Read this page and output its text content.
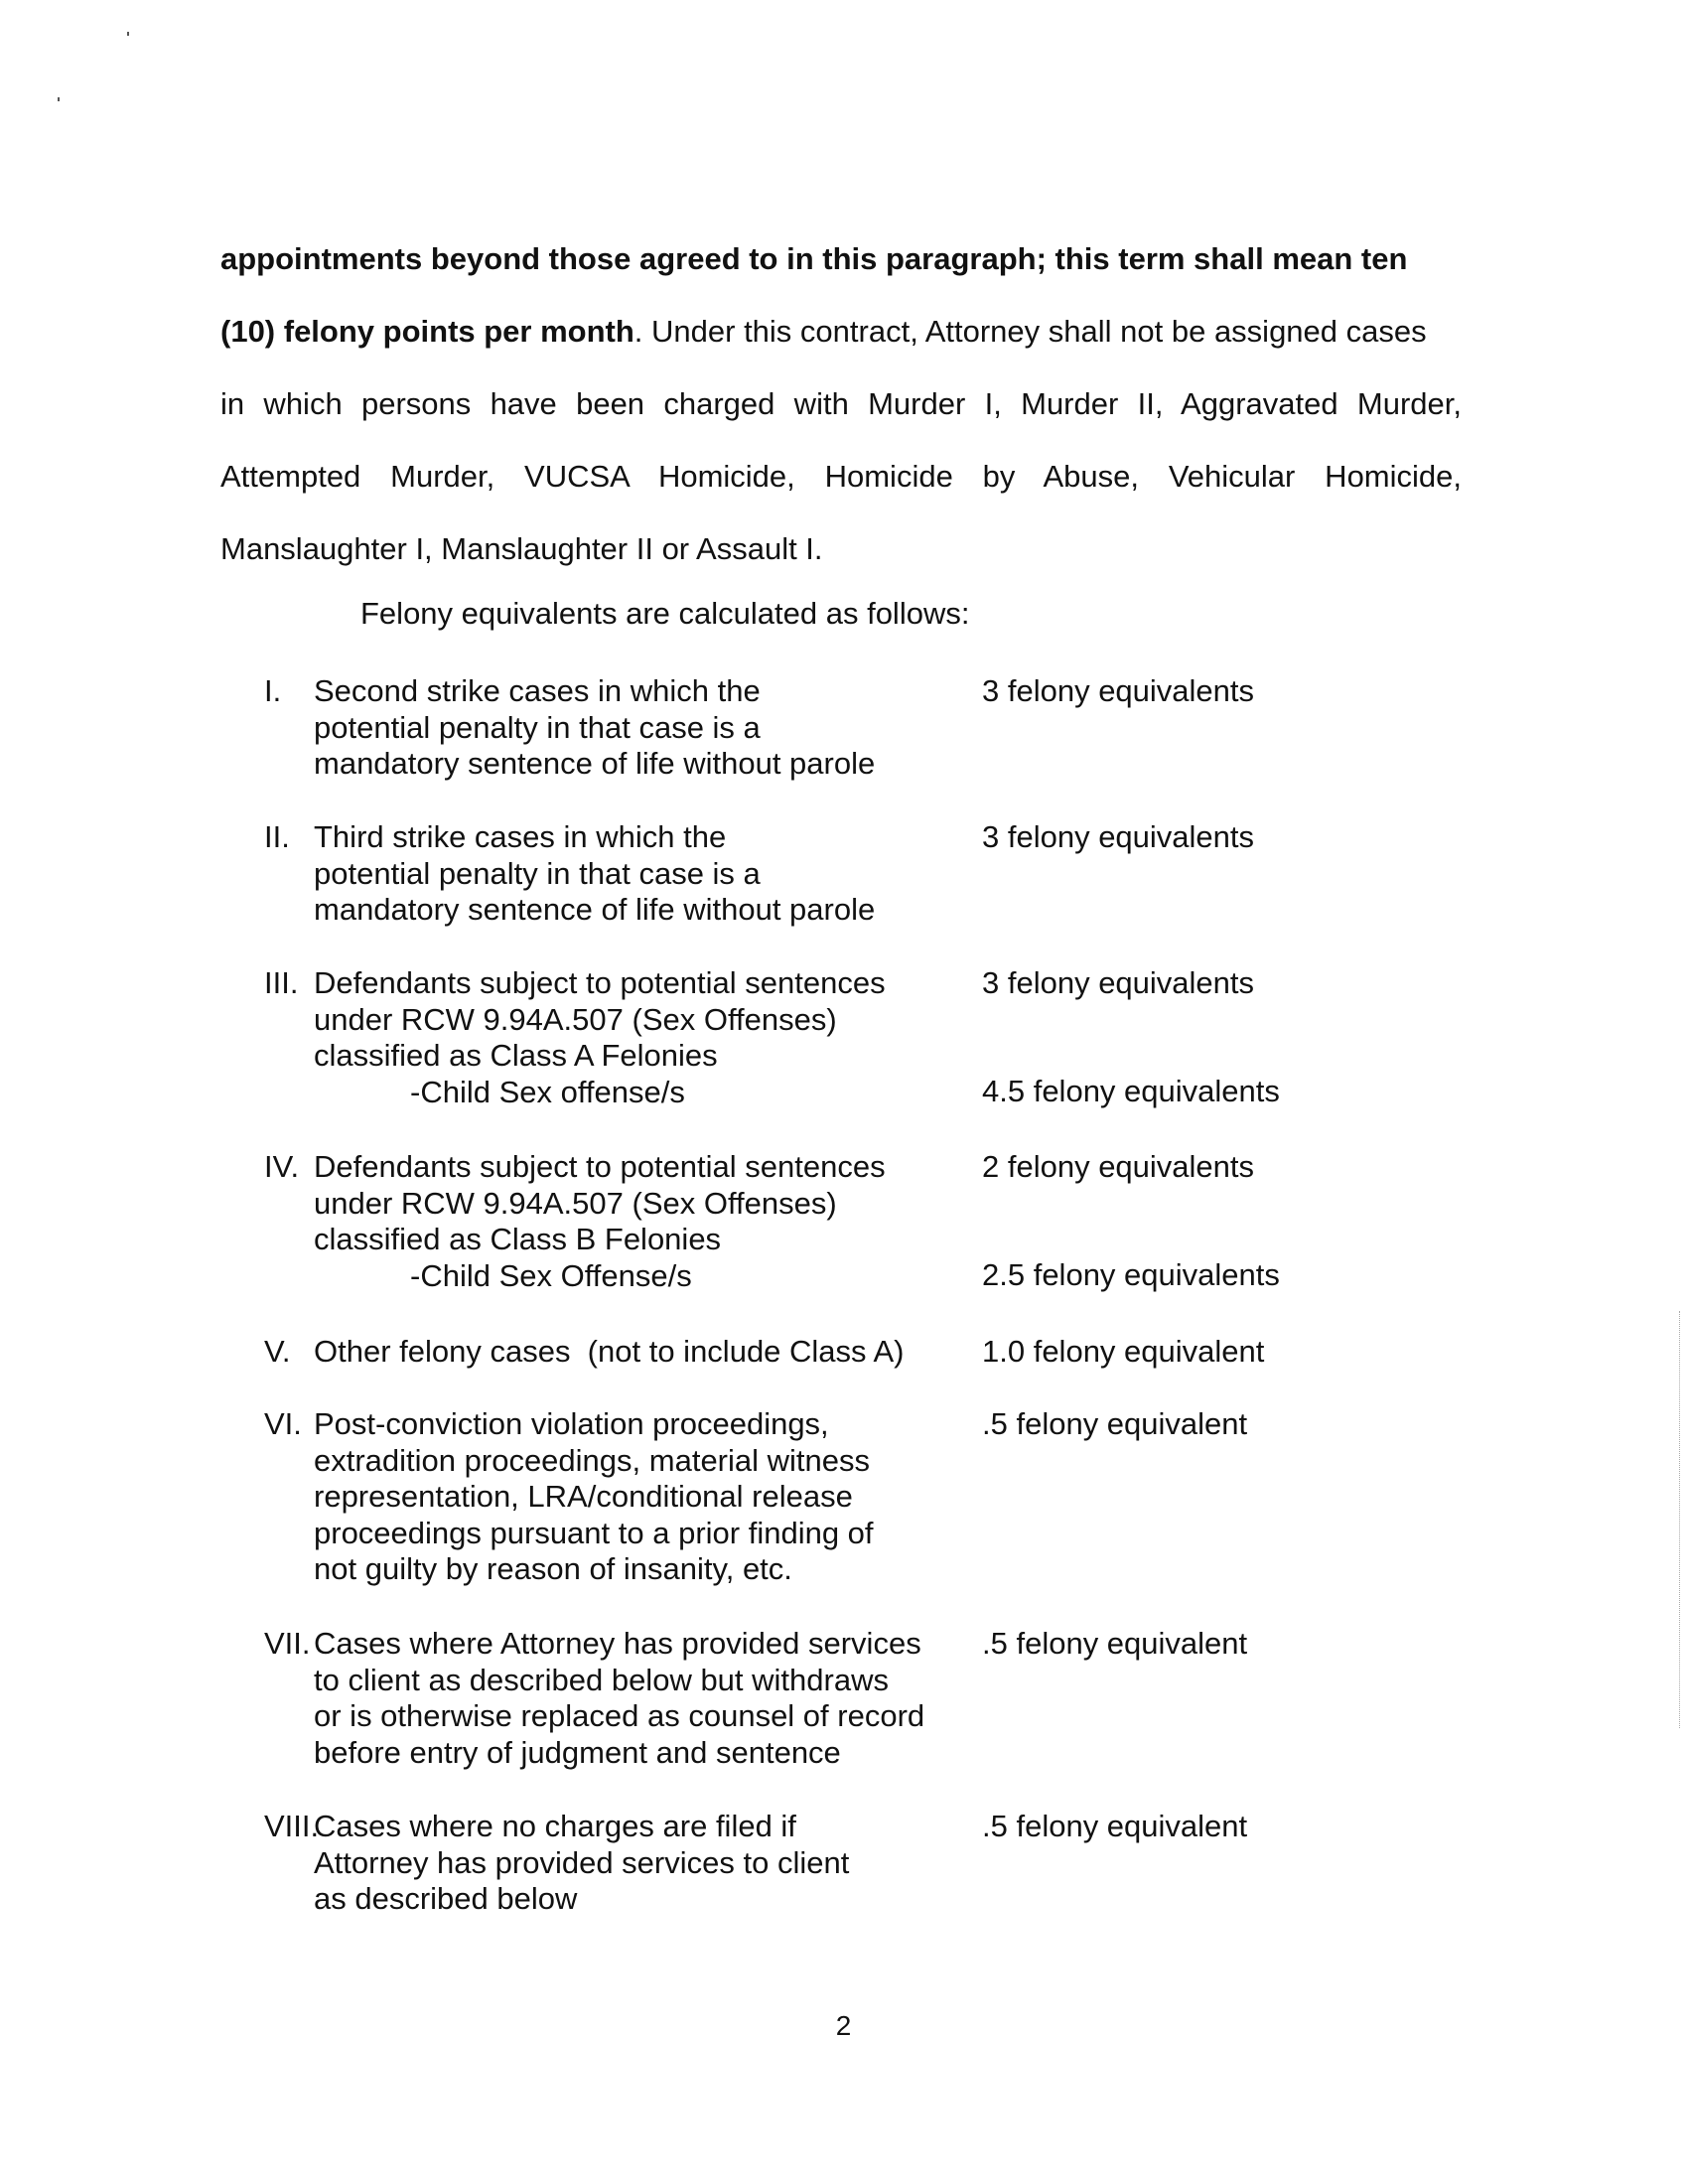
appointments beyond those agreed to in this paragraph; this term shall mean ten
(10) felony points per month. Under this contract, Attorney shall not be assigned cases
in which persons have been charged with Murder I, Murder II, Aggravated Murder,
Attempted Murder, VUCSA Homicide, Homicide by Abuse, Vehicular Homicide,
Manslaughter I, Manslaughter II or Assault I.
Felony equivalents are calculated as follows:
I. Second strike cases in which the
potential penalty in that case is a
mandatory sentence of life without parole
3 felony equivalents
II. Third strike cases in which the
potential penalty in that case is a
mandatory sentence of life without parole
3 felony equivalents
III. Defendants subject to potential sentences
under RCW 9.94A.507 (Sex Offenses)
classified as Class A Felonies
-Child Sex offense/s
3 felony equivalents
4.5 felony equivalents
IV. Defendants subject to potential sentences
under RCW 9.94A.507 (Sex Offenses)
classified as Class B Felonies
-Child Sex Offense/s
2 felony equivalents
2.5 felony equivalents
V. Other felony cases  (not to include Class A)	1.0 felony equivalent
VI. Post-conviction violation proceedings,
extradition proceedings, material witness
representation, LRA/conditional release
proceedings pursuant to a prior finding of
not guilty by reason of insanity, etc.
.5 felony equivalent
VII. Cases where Attorney has provided services
to client as described below but withdraws
or is otherwise replaced as counsel of record
before entry of judgment and sentence
.5 felony equivalent
VIII.
Cases where no charges are filed if
Attorney has provided services to client
as described below
.5 felony equivalent
2
